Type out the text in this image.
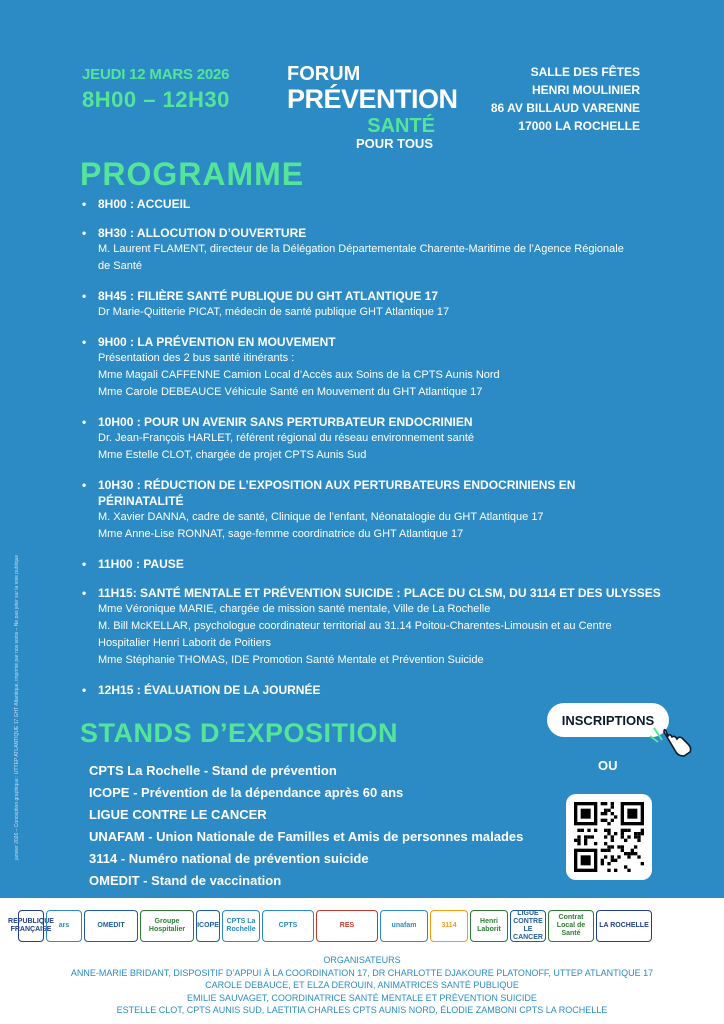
JEUDI 12 MARS 2026
8H00 – 12H30
FORUM
PRÉVENTION
SANTÉ
POUR TOUS
SALLE DES FÊTES
HENRI MOULINIER
86 AV BILLAUD VARENNE
17000 LA ROCHELLE
PROGRAMME
• 8H00 : ACCUEIL
• 8H30 : ALLOCUTION D’OUVERTURE
M. Laurent FLAMENT, directeur de la Délégation Départementale Charente-Maritime de l’Agence Régionale
de Santé
• 8H45 : FILIÈRE SANTÉ PUBLIQUE DU GHT ATLANTIQUE 17
Dr Marie-Quitterie PICAT, médecin de santé publique GHT Atlantique 17
• 9H00 : LA PRÉVENTION EN MOUVEMENT
Présentation des 2 bus santé itinérants :
Mme Magali CAFFENNE Camion Local d’Accès aux Soins de la CPTS Aunis Nord
Mme Carole DEBEAUCE Véhicule Santé en Mouvement du GHT Atlantique 17
• 10H00 : POUR UN AVENIR SANS PERTURBATEUR ENDOCRINIEN
Dr. Jean-François HARLET, référent régional du réseau environnement santé
Mme Estelle CLOT, chargée de projet CPTS Aunis Sud
• 10H30 : RÉDUCTION DE L’EXPOSITION AUX PERTURBATEURS ENDOCRINIENS EN PÉRINATALITÉ
M. Xavier DANNA, cadre de santé, Clinique de l’enfant, Néonatalogie du GHT Atlantique 17
Mme Anne-Lise RONNAT, sage-femme coordinatrice du GHT Atlantique 17
• 11H00 : PAUSE
• 11H15: SANTÉ MENTALE ET PRÉVENTION SUICIDE : PLACE DU CLSM, DU 3114 ET DES ULYSSES
Mme Véronique MARIE, chargée de mission santé mentale, Ville de La Rochelle
M. Bill McKELLAR, psychologue coordinateur territorial au 31.14 Poitou-Charentes-Limousin et au Centre
Hospitalier Henri Laborit de Poitiers
Mme Stéphanie THOMAS, IDE Promotion Santé Mentale et Prévention Suicide
• 12H15 : ÉVALUATION DE LA JOURNÉE
STANDS D’EXPOSITION
CPTS La Rochelle - Stand de prévention
ICOPE - Prévention de la dépendance après 60 ans
LIGUE CONTRE LE CANCER
UNAFAM - Union Nationale de Familles et Amis de personnes malades
3114 - Numéro national de prévention suicide
OMEDIT - Stand de vaccination
INSCRIPTIONS
OU
janvier 2026 – Conception graphique : UTTEP ATLANTIQUE 17 GHT Atlantique, imprimé par nos soins – Ne pas jeter sur la voie publique
REPUBLIQUE FRANÇAISE
ars	OMEDIT
Groupe Hospitalier
ICOPE
CPTS La Rochelle
CPTS	RES	unafam	3114
Henri Laborit
LIGUE CONTRE LE CANCER
Contrat Local de Santé
LA ROCHELLE
ORGANISATEURS
ANNE-MARIE BRIDANT, DISPOSITIF D’APPUI À LA COORDINATION 17, DR CHARLOTTE DJAKOURE PLATONOFF, UTTEP ATLANTIQUE 17
CAROLE DEBAUCE, ET ELZA DEROUIN, ANIMATRICES SANTÉ PUBLIQUE
EMILIE SAUVAGET, COORDINATRICE SANTÉ MENTALE ET PRÉVENTION SUICIDE
ESTELLE CLOT, CPTS AUNIS SUD, LAETITIA CHARLES CPTS AUNIS NORD, ÉLODIE ZAMBONI CPTS LA ROCHELLE
